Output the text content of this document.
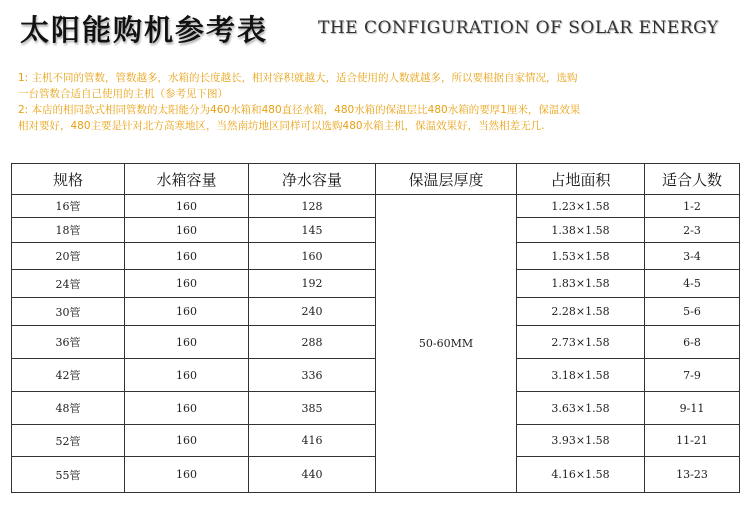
太阳能购机参考表	THE CONFIGURATION OF SOLAR ENERGY
1: 主机不同的管数，管数越多，水箱的长度越长，相对容积就越大，适合使用的人数就越多，所以要根据自家情况，选购
一台管数合适自己使用的主机（参考见下图）
2: 本店的相同款式相同管数的太阳能分为460水箱和480直径水箱，480水箱的保温层比480水箱的要厚1厘米，保温效果
相对要好，480主要是针对北方高寒地区，当然南坊地区同样可以选购480水箱主机，保温效果好，当然相差无几.
规格	水箱容量	净水容量	保温层厚度	占地面积	适合人数
16管	160	128	50-60MM	1.23×1.58	1-2
18管	160	145		1.38×1.58	2-3
20管	160	160		1.53×1.58	3-4
24管	160	192		1.83×1.58	4-5
30管	160	240		2.28×1.58	5-6
36管	160	288		2.73×1.58	6-8
42管	160	336		3.18×1.58	7-9
48管	160	385		3.63×1.58	9-11
52管	160	416		3.93×1.58	11-21
55管	160	440		4.16×1.58	13-23
